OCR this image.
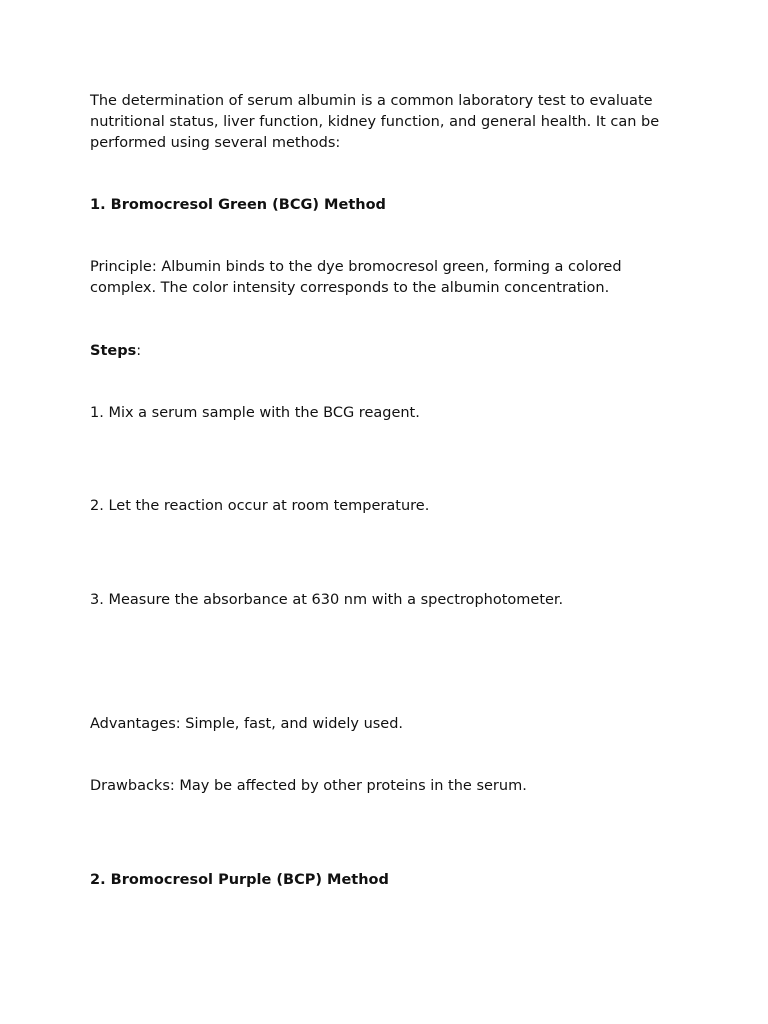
The determination of serum albumin is a common laboratory test to evaluate nutritional status, liver function, kidney function, and general health. It can be performed using several methods:

1. Bromocresol Green (BCG) Method

Principle: Albumin binds to the dye bromocresol green, forming a colored complex. The color intensity corresponds to the albumin concentration.

Steps:

1. Mix a serum sample with the BCG reagent.

2. Let the reaction occur at room temperature.

3. Measure the absorbance at 630 nm with a spectrophotometer.

Advantages: Simple, fast, and widely used.

Drawbacks: May be affected by other proteins in the serum.

2. Bromocresol Purple (BCP) Method
